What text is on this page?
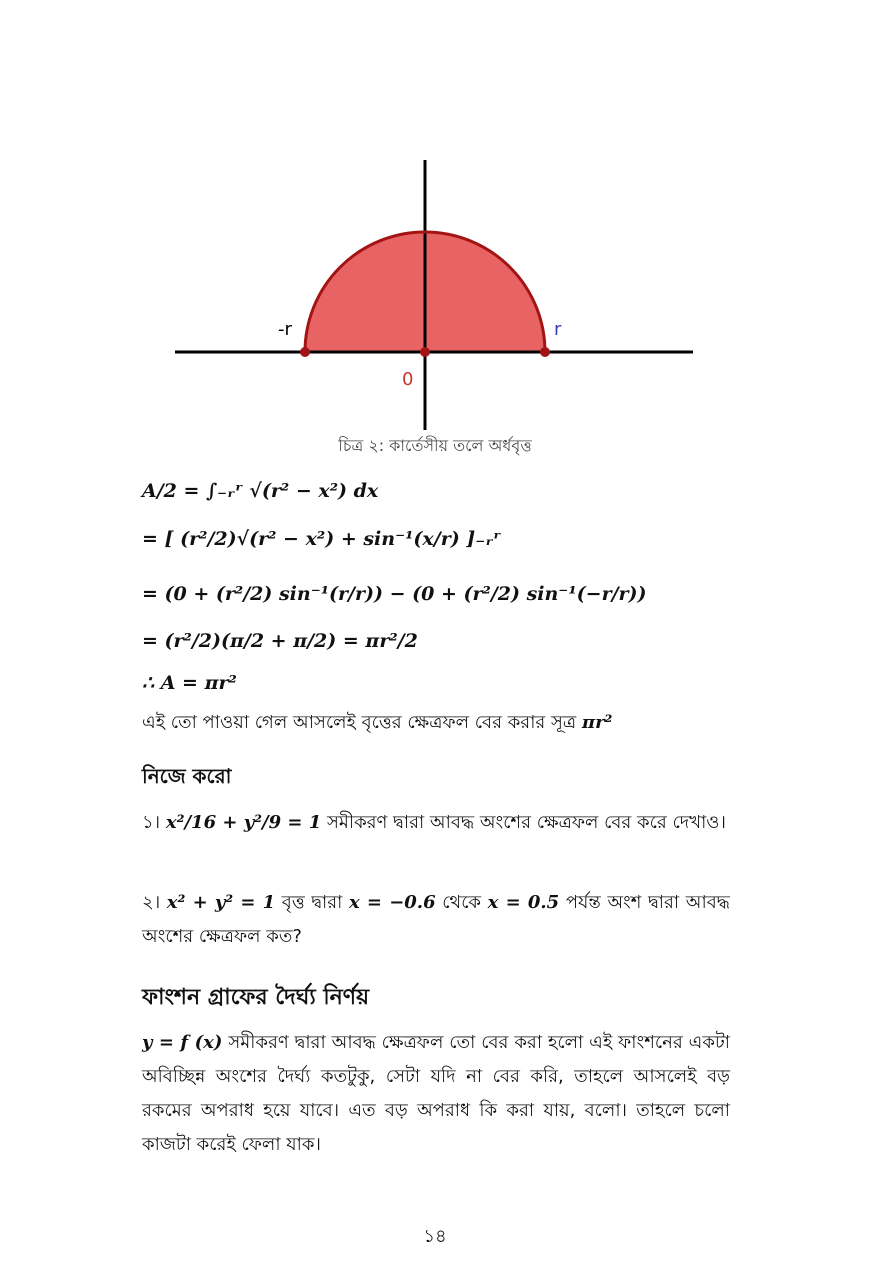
-r	r
0
চিত্র ২: কার্তেসীয় তলে অর্ধবৃত্ত
A/2 = ∫₋ᵣʳ √(r² − x²) dx
= [ (r²/2)√(r² − x²) + sin⁻¹(x/r) ]₋ᵣʳ
= (0 + (r²/2) sin⁻¹(r/r)) − (0 + (r²/2) sin⁻¹(−r/r))
= (r²/2)(π/2 + π/2) = πr²/2
∴ A = πr²
এই তো পাওয়া গেল আসলেই বৃত্তের ক্ষেত্রফল বের করার সূত্র πr²
নিজে করো
১। x²/16 + y²/9 = 1 সমীকরণ দ্বারা আবদ্ধ অংশের ক্ষেত্রফল বের করে দেখাও।
২। x² + y² = 1 বৃত্ত দ্বারা x = −0.6 থেকে x = 0.5 পর্যন্ত অংশ দ্বারা আবদ্ধ অংশের ক্ষেত্রফল কত?
ফাংশন গ্রাফের দৈর্ঘ্য নির্ণয়
y = f (x) সমীকরণ দ্বারা আবদ্ধ ক্ষেত্রফল তো বের করা হলো এই ফাংশনের একটা অবিচ্ছিন্ন অংশের দৈর্ঘ্য কতটুকু, সেটা যদি না বের করি, তাহলে আসলেই বড় রকমের অপরাধ হয়ে যাবে। এত বড় অপরাধ কি করা যায়, বলো। তাহলে চলো কাজটা করেই ফেলা যাক।
১৪
